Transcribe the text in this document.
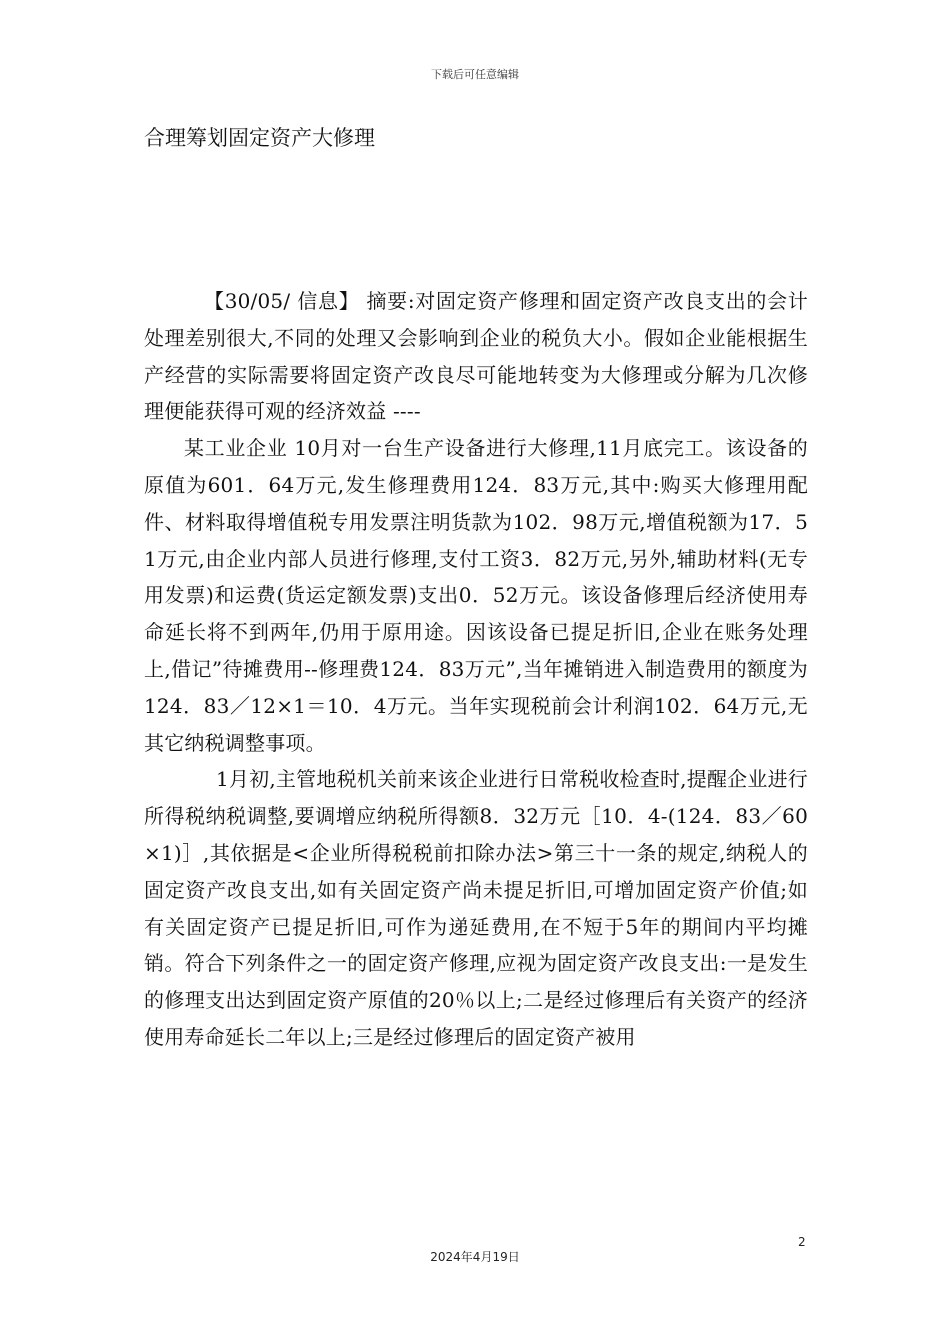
下载后可任意编辑
合理筹划固定资产大修理

【30/05/ 信息】 摘要:对固定资产修理和固定资产改良支出的会计处理差别很大,不同的处理又会影响到企业的税负大小。假如企业能根据生产经营的实际需要将固定资产改良尽可能地转变为大修理或分解为几次修理便能获得可观的经济效益 ----

某工业企业 10月对一台生产设备进行大修理,11月底完工。该设备的原值为601．64万元,发生修理费用124．83万元,其中:购买大修理用配件、材料取得增值税专用发票注明货款为102．98万元,增值税额为17．51万元,由企业内部人员进行修理,支付工资3．82万元,另外,辅助材料(无专用发票)和运费(货运定额发票)支出0．52万元。该设备修理后经济使用寿命延长将不到两年,仍用于原用途。因该设备已提足折旧,企业在账务处理上,借记”待摊费用--修理费124．83万元”,当年摊销进入制造费用的额度为124．83／12×1＝10．4万元。当年实现税前会计利润102．64万元,无其它纳税调整事项。

1月初,主管地税机关前来该企业进行日常税收检查时,提醒企业进行所得税纳税调整,要调增应纳税所得额8．32万元［10．4-(124．83／60×1)］,其依据是<企业所得税税前扣除办法>第三十一条的规定,纳税人的固定资产改良支出,如有关固定资产尚未提足折旧,可增加固定资产价值;如有关固定资产已提足折旧,可作为递延费用,在不短于5年的期间内平均摊销。符合下列条件之一的固定资产修理,应视为固定资产改良支出:一是发生的修理支出达到固定资产原值的20％以上;二是经过修理后有关资产的经济使用寿命延长二年以上;三是经过修理后的固定资产被用

2
2024年4月19日
